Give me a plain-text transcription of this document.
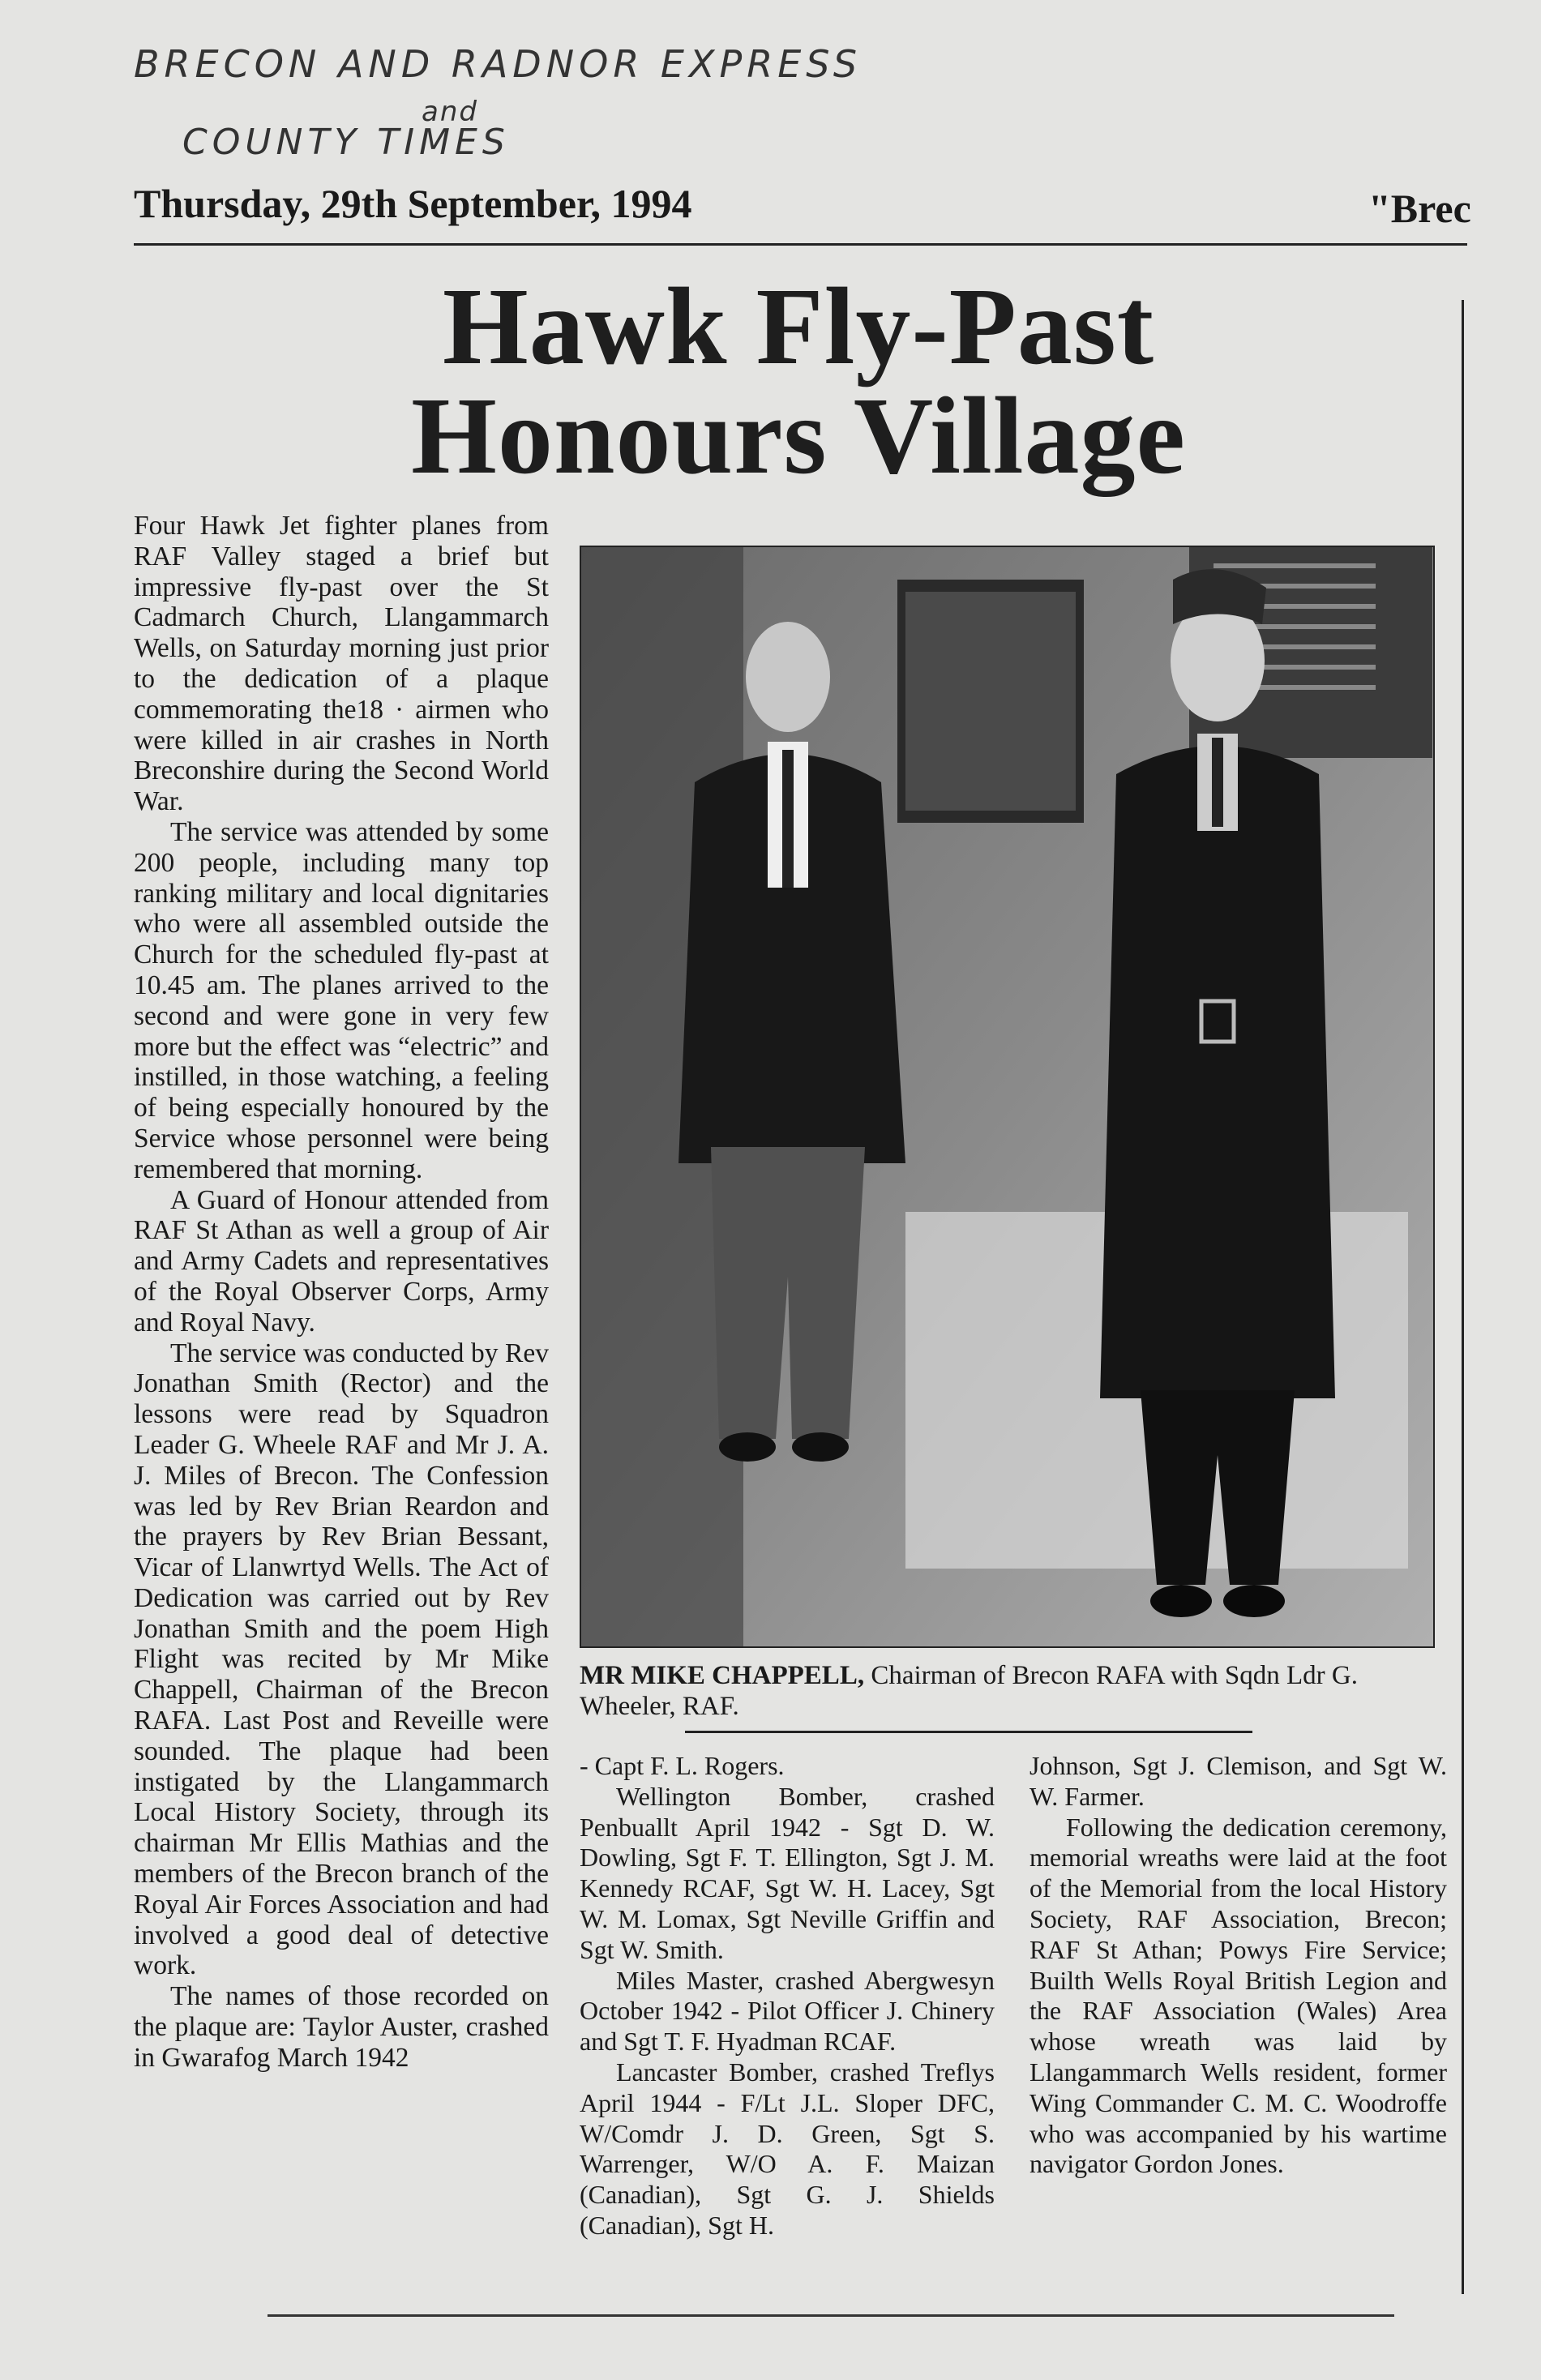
BRECON AND RADNOR EXPRESS
and
COUNTY TIMES
Thursday, 29th September, 1994	"Brec
Hawk Fly-Past
Honours Village

Four Hawk Jet fighter planes from RAF Valley staged a brief but impressive fly-past over the St Cadmarch Church, Llangammarch Wells, on Saturday morning just prior to the dedication of a plaque commemorating the18 · airmen who were killed in air crashes in North Breconshire during the Second World War.

The service was attended by some 200 people, including many top ranking military and local dignitaries who were all assembled outside the Church for the scheduled fly-past at 10.45 am. The planes arrived to the second and were gone in very few more but the effect was “electric” and instilled, in those watching, a feeling of being especially honoured by the Service whose personnel were being remembered that morning.

A Guard of Honour attended from RAF St Athan as well a group of Air and Army Cadets and representatives of the Royal Observer Corps, Army and Royal Navy.

The service was conducted by Rev Jonathan Smith (Rector) and the lessons were read by Squadron Leader G. Wheele RAF and Mr J. A. J. Miles of Brecon. The Confession was led by Rev Brian Reardon and the prayers by Rev Brian Bessant, Vicar of Llanwrtyd Wells. The Act of Dedication was carried out by Rev Jonathan Smith and the poem High Flight was recited by Mr Mike Chappell, Chairman of the Brecon RAFA. Last Post and Reveille were sounded. The plaque had been instigated by the Llangammarch Local History Society, through its chairman Mr Ellis Mathias and the members of the Brecon branch of the Royal Air Forces Association and had involved a good deal of detective work.

The names of those recorded on the plaque are: Taylor Auster, crashed in Gwarafog March 1942

MR MIKE CHAPPELL, Chairman of Brecon RAFA with Sqdn Ldr G. Wheeler, RAF.

- Capt F. L. Rogers.

Wellington Bomber, crashed Penbuallt April 1942 - Sgt D. W. Dowling, Sgt F. T. Ellington, Sgt J. M. Kennedy RCAF, Sgt W. H. Lacey, Sgt W. M. Lomax, Sgt Neville Griffin and Sgt W. Smith.

Miles Master, crashed Abergwesyn October 1942 - Pilot Officer J. Chinery and Sgt T. F. Hyadman RCAF.

Lancaster Bomber, crashed Treflys April 1944 - F/Lt J.L. Sloper DFC, W/Comdr J. D. Green, Sgt S. Warrenger, W/O A. F. Maizan (Canadian), Sgt G. J. Shields (Canadian), Sgt H.

Johnson, Sgt J. Clemison, and Sgt W. W. Farmer.

Following the dedication ceremony, memorial wreaths were laid at the foot of the Memorial from the local History Society, RAF Association, Brecon; RAF St Athan; Powys Fire Service; Builth Wells Royal British Legion and the RAF Association (Wales) Area whose wreath was laid by Llangammarch Wells resident, former Wing Commander C. M. C. Woodroffe who was accompanied by his wartime navigator Gordon Jones.
